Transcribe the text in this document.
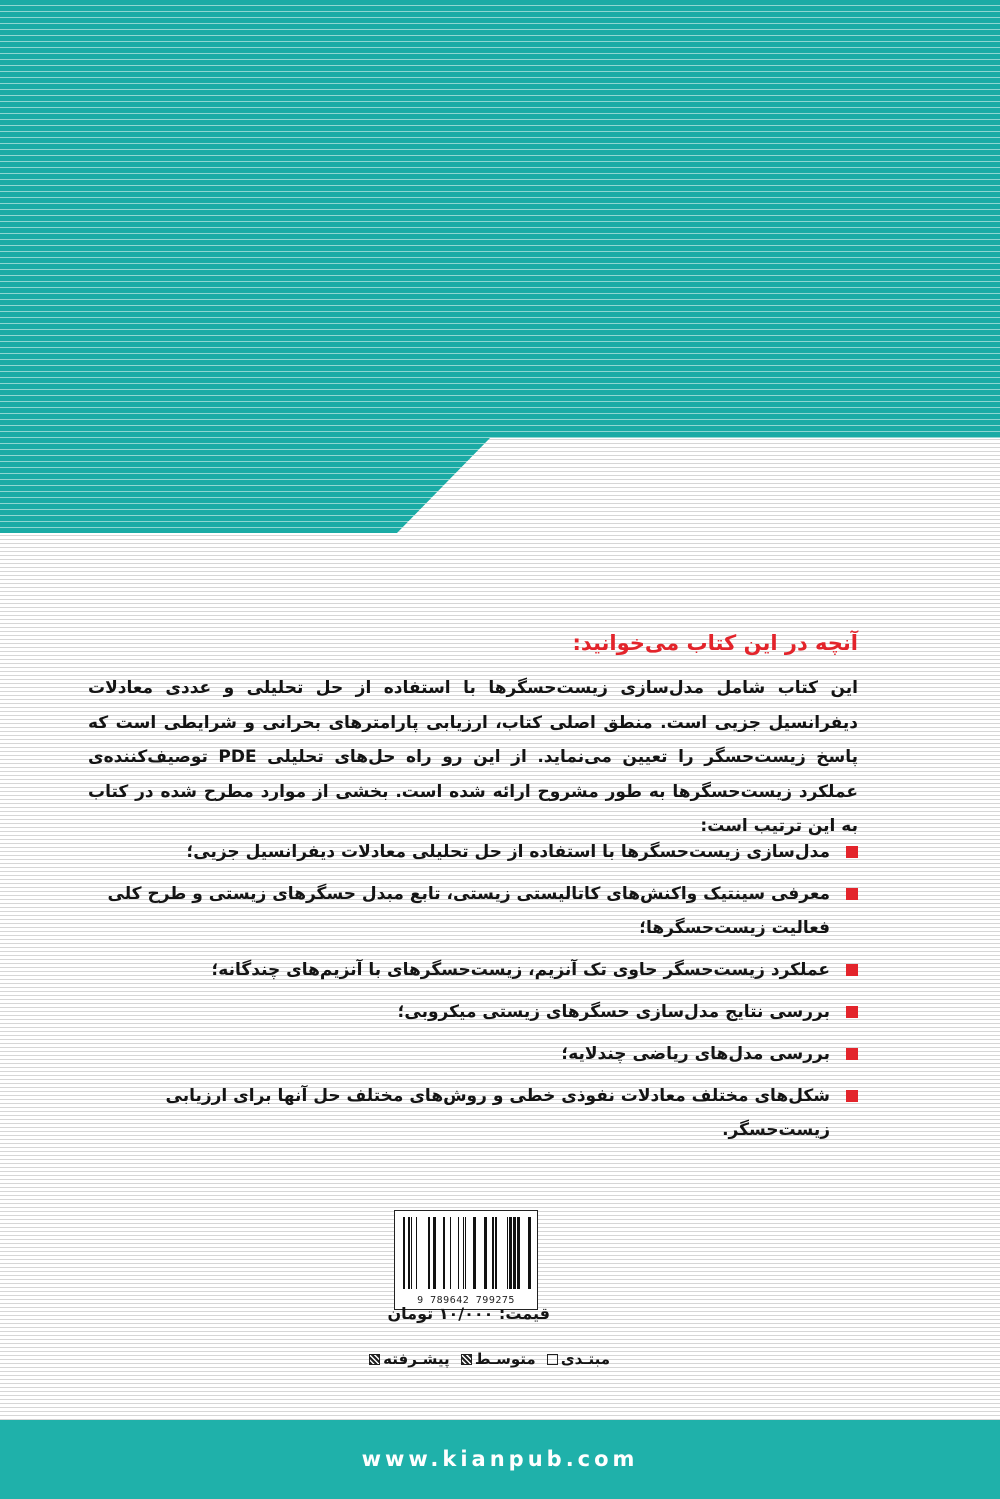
آنچه در این کتاب می‌خوانید:

این کتاب شامل مدل‌سازی زیست‌حسگرها با استفاده از حل تحلیلی و عددی معادلات دیفرانسیل جزیی است. منطق اصلی کتاب، ارزیابی پارامترهای بحرانی و شرایطی است که پاسخ زیست‌حسگر را تعیین می‌نماید. از این رو راه حل‌های تحلیلی PDE توصیف‌کننده‌ی عملکرد زیست‌حسگرها به طور مشروح ارائه شده است. بخشی از موارد مطرح شده در کتاب به این ترتیب است:

مدل‌سازی زیست‌حسگرها با استفاده از حل تحلیلی معادلات دیفرانسیل جزیی؛
معرفی سینتیک واکنش‌های کاتالیستی زیستی، تابع مبدل حسگرهای زیستی و طرح کلی فعالیت زیست‌حسگرها؛
عملکرد زیست‌حسگر حاوی تک آنزیم، زیست‌حسگرهای با آنزیم‌های چندگانه؛
بررسی نتایج مدل‌سازی حسگرهای زیستی میکروبی؛
بررسی مدل‌های ریاضی چندلایه؛
شکل‌های مختلف معادلات نفوذی خطی و روش‌های مختلف حل آنها برای ارزیابی زیست‌حسگر.
9 789642 799275
قیمت: ۱۰/۰۰۰ تومان
مبتـدی متوسـط پیشـرفته
www.kianpub.com
